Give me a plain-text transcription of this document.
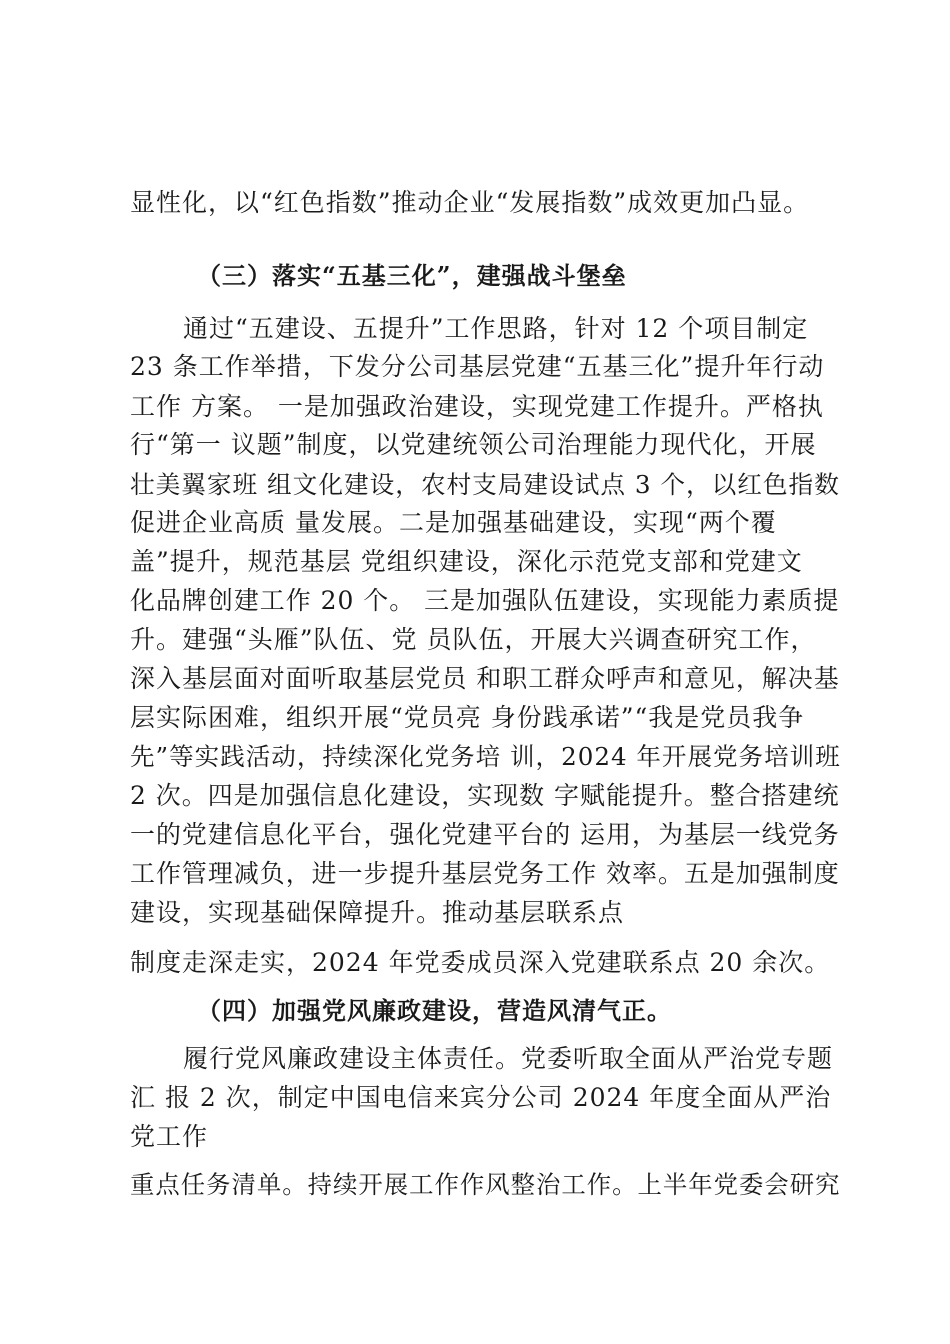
显性化，以“红色指数”推动企业“发展指数”成效更加凸显。
（三）落实“五基三化”，建强战斗堡垒
通过“五建设、五提升”工作思路，针对 12 个项目制定
23 条工作举措，下发分公司基层党建“五基三化”提升年行动
工作 方案。 一是加强政治建设，实现党建工作提升。严格执
行“第一 议题”制度，以党建统领公司治理能力现代化，开展
壮美翼家班 组文化建设，农村支局建设试点 3 个，以红色指数
促进企业高质 量发展。二是加强基础建设，实现“两个覆
盖”提升，规范基层 党组织建设，深化示范党支部和党建文
化品牌创建工作 20 个。 三是加强队伍建设，实现能力素质提
升。建强“头雁”队伍、党 员队伍，开展大兴调查研究工作，
深入基层面对面听取基层党员 和职工群众呼声和意见，解决基
层实际困难，组织开展“党员亮 身份践承诺”“我是党员我争
先”等实践活动，持续深化党务培 训，2024 年开展党务培训班
2 次。四是加强信息化建设，实现数 字赋能提升。整合搭建统
一的党建信息化平台，强化党建平台的 运用，为基层一线党务
工作管理减负，进一步提升基层党务工作 效率。五是加强制度
建设，实现基础保障提升。推动基层联系点
制度走深走实，2024 年党委成员深入党建联系点 20 余次。
（四）加强党风廉政建设，营造风清气正。
履行党风廉政建设主体责任。党委听取全面从严治党专题
汇 报 2 次，制定中国电信来宾分公司 2024 年度全面从严治
党工作
重点任务清单。持续开展工作作风整治工作。上半年党委会研究
